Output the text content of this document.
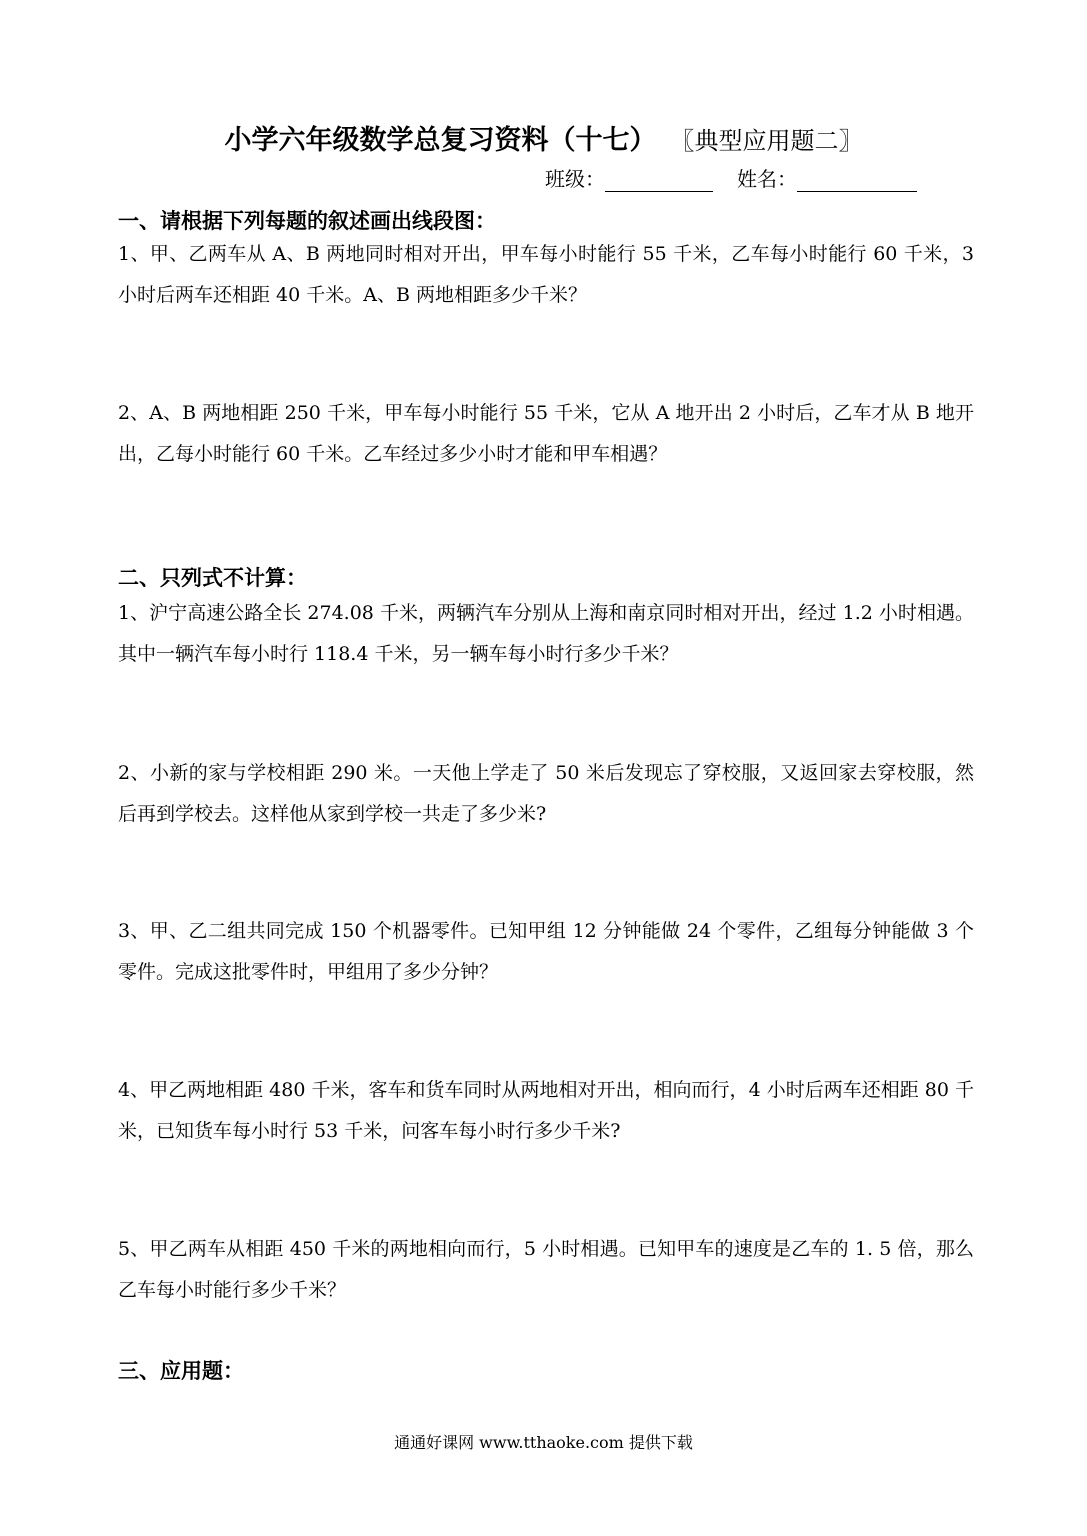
小学六年级数学总复习资料（十七） 〖典型应用题二〗
班级：	姓名：
一、请根据下列每题的叙述画出线段图：
1、甲、乙两车从 A、B 两地同时相对开出，甲车每小时能行 55 千米，乙车每小时能行 60 千米，3 小时后两车还相距 40 千米。A、B 两地相距多少千米？
2、A、B 两地相距 250 千米，甲车每小时能行 55 千米，它从 A 地开出 2 小时后，乙车才从 B 地开出，乙每小时能行 60 千米。乙车经过多少小时才能和甲车相遇？
二、只列式不计算：
1、沪宁高速公路全长 274.08 千米，两辆汽车分别从上海和南京同时相对开出，经过 1.2 小时相遇。其中一辆汽车每小时行 118.4 千米，另一辆车每小时行多少千米？
2、小新的家与学校相距 290 米。一天他上学走了 50 米后发现忘了穿校服，又返回家去穿校服，然后再到学校去。这样他从家到学校一共走了多少米?
3、甲、乙二组共同完成 150 个机器零件。已知甲组 12 分钟能做 24 个零件，乙组每分钟能做 3 个零件。完成这批零件时，甲组用了多少分钟？
4、甲乙两地相距 480 千米，客车和货车同时从两地相对开出，相向而行，4 小时后两车还相距 80 千米，已知货车每小时行 53 千米，问客车每小时行多少千米?
5、甲乙两车从相距 450 千米的两地相向而行，5 小时相遇。已知甲车的速度是乙车的 1. 5 倍，那么乙车每小时能行多少千米？
三、应用题：
通通好课网 www.tthaoke.com 提供下载
